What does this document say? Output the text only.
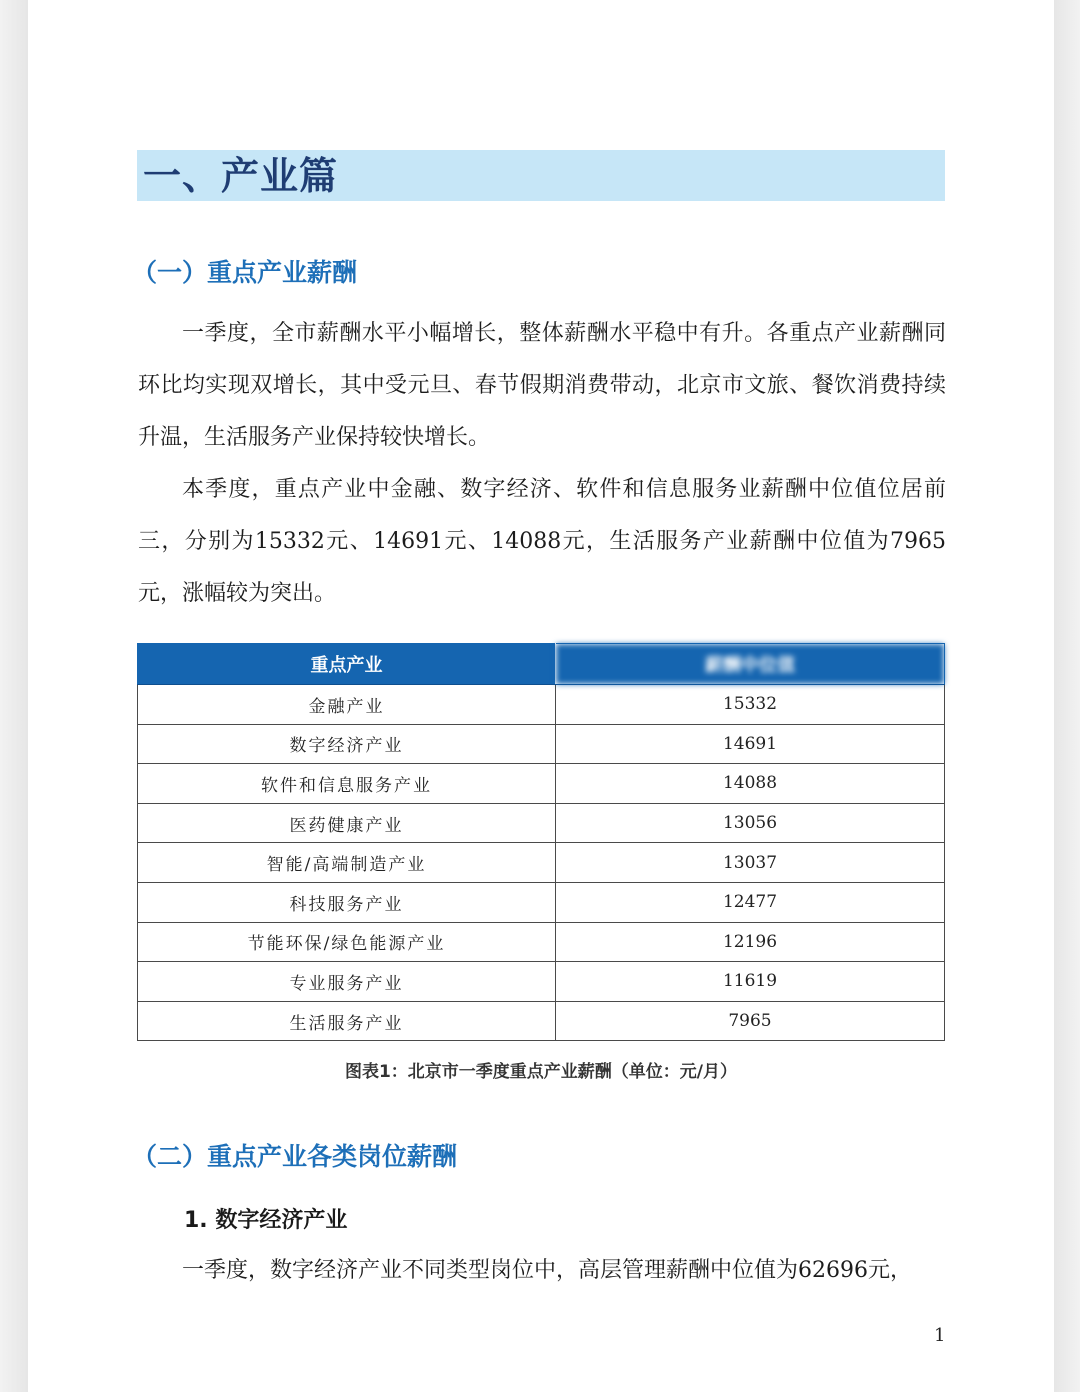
一、产业篇
（一）重点产业薪酬

一季度，全市薪酬水平小幅增长，整体薪酬水平稳中有升。各重点产业薪酬同环比均实现双增长，其中受元旦、春节假期消费带动，北京市文旅、餐饮消费持续升温，生活服务产业保持较快增长。

本季度，重点产业中金融、数字经济、软件和信息服务业薪酬中位值位居前三，分别为15332元、14691元、14088元，生活服务产业薪酬中位值为7965元，涨幅较为突出。

重点产业	薪酬中位值
金融产业	15332
数字经济产业	14691
软件和信息服务产业	14088
医药健康产业	13056
智能/高端制造产业	13037
科技服务产业	12477
节能环保/绿色能源产业	12196
专业服务产业	11619
生活服务产业	7965
图表1：北京市一季度重点产业薪酬（单位：元/月）
（二）重点产业各类岗位薪酬
1. 数字经济产业

一季度，数字经济产业不同类型岗位中，高层管理薪酬中位值为62696元，

1
